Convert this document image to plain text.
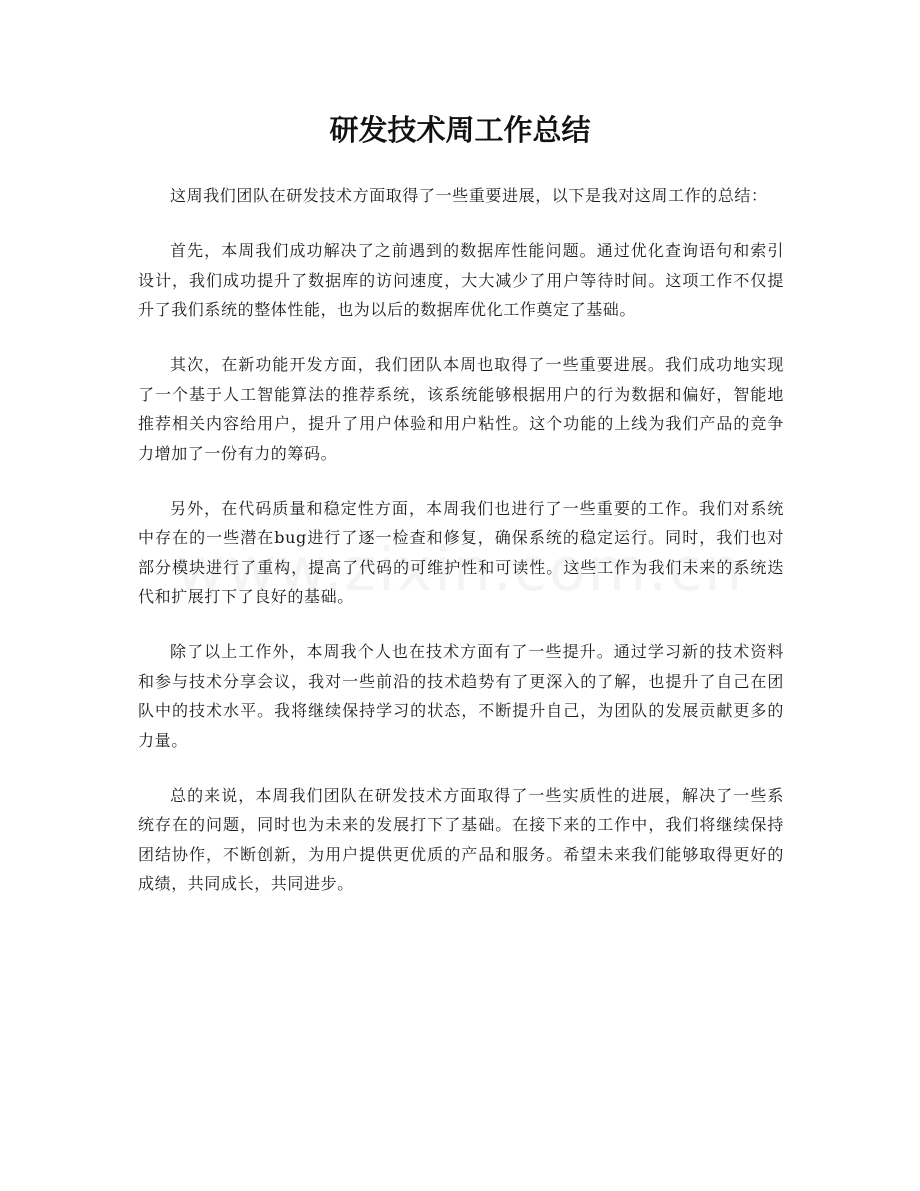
研发技术周工作总结

这周我们团队在研发技术方面取得了一些重要进展，以下是我对这周工作的总结：

首先，本周我们成功解决了之前遇到的数据库性能问题。通过优化查询语句和索引设计，我们成功提升了数据库的访问速度，大大减少了用户等待时间。这项工作不仅提升了我们系统的整体性能，也为以后的数据库优化工作奠定了基础。

其次，在新功能开发方面，我们团队本周也取得了一些重要进展。我们成功地实现了一个基于人工智能算法的推荐系统，该系统能够根据用户的行为数据和偏好，智能地推荐相关内容给用户，提升了用户体验和用户粘性。这个功能的上线为我们产品的竞争力增加了一份有力的筹码。

另外，在代码质量和稳定性方面，本周我们也进行了一些重要的工作。我们对系统中存在的一些潜在bug进行了逐一检查和修复，确保系统的稳定运行。同时，我们也对部分模块进行了重构，提高了代码的可维护性和可读性。这些工作为我们未来的系统迭代和扩展打下了良好的基础。

除了以上工作外，本周我个人也在技术方面有了一些提升。通过学习新的技术资料和参与技术分享会议，我对一些前沿的技术趋势有了更深入的了解，也提升了自己在团队中的技术水平。我将继续保持学习的状态，不断提升自己，为团队的发展贡献更多的力量。

总的来说，本周我们团队在研发技术方面取得了一些实质性的进展，解决了一些系统存在的问题，同时也为未来的发展打下了基础。在接下来的工作中，我们将继续保持团结协作，不断创新，为用户提供更优质的产品和服务。希望未来我们能够取得更好的成绩，共同成长，共同进步。
